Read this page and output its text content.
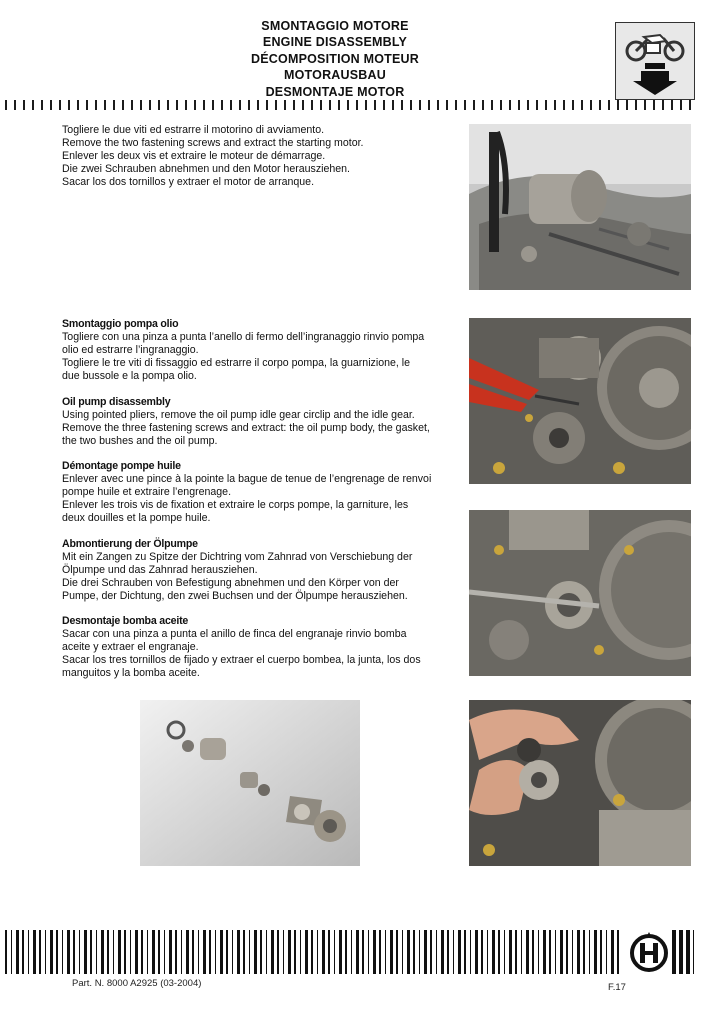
SMONTAGGIO MOTORE
ENGINE DISASSEMBLY
DÉCOMPOSITION MOTEUR
MOTORAUSBAU
DESMONTAJE MOTOR

Togliere le due viti ed estrarre il motorino di avviamento.

Remove the two fastening screws and extract the starting motor.

Enlever les deux vis et extraire le moteur de démarrage.

Die zwei Schrauben abnehmen und den Motor herausziehen.

Sacar los dos tornillos y extraer el motor de arranque.

Smontaggio pompa olio

Togliere con una pinza a punta l’anello di fermo dell’ingranaggio rinvio pompa

olio ed estrarre l’ingranaggio.

Togliere le tre viti di fissaggio ed estrarre il corpo pompa, la guarnizione, le

due bussole e la pompa olio.

Oil pump disassembly

Using pointed pliers, remove the oil pump idle gear circlip and the idle gear.

Remove the three fastening screws and extract: the oil pump body, the gasket,

the two bushes and the oil pump.

Démontage pompe huile

Enlever avec une pince à la pointe la bague de tenue de l’engrenage de renvoi

pompe huile et extraire l’engrenage.

Enlever les trois vis de fixation et extraire le corps pompe, la garniture, les

deux douilles et la pompe huile.

Abmontierung der Ölpumpe

Mit ein Zangen zu Spitze der Dichtring vom Zahnrad von Verschiebung der

Ölpumpe und das Zahnrad herausziehen.

Die drei Schrauben von Befestigung abnehmen und den Körper von der

Pumpe, der Dichtung, den zwei Buchsen und der Ölpumpe herausziehen.

Desmontaje bomba aceite

Sacar con una pinza a punta el anillo de finca del engranaje rinvio bomba

aceite y extraer el engranaje.

Sacar los tres tornillos de fijado y extraer el cuerpo bombea, la junta, los dos

manguitos y la bomba aceite.

Part. N. 8000 A2925 (03-2004)	F.17
